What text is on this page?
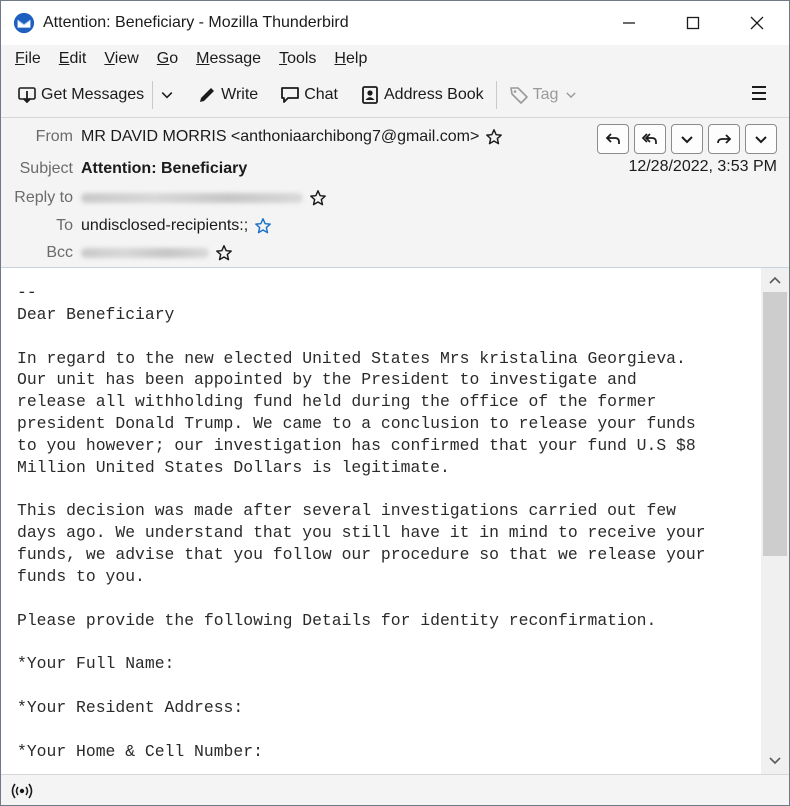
Attention: Beneficiary - Mozilla Thunderbird
File	Edit	View	Go	Message	Tools	Help
Get Messages	Write	Chat	Address Book	Tag
From MR DAVID MORRIS <anthoniaarchibong7@gmail.com>
Subject Attention: Beneficiary	12/28/2022, 3:53 PM
Reply to
To undisclosed-recipients:;
Bcc
--
Dear Beneficiary

In regard to the new elected United States Mrs kristalina Georgieva.
Our unit has been appointed by the President to investigate and
release all withholding fund held during the office of the former
president Donald Trump. We came to a conclusion to release your funds
to you however; our investigation has confirmed that your fund U.S $8
Million United States Dollars is legitimate.

This decision was made after several investigations carried out few
days ago. We understand that you still have it in mind to receive your
funds, we advise that you follow our procedure so that we release your
funds to you.

Please provide the following Details for identity reconfirmation.

*Your Full Name:

*Your Resident Address:

*Your Home & Cell Number:
